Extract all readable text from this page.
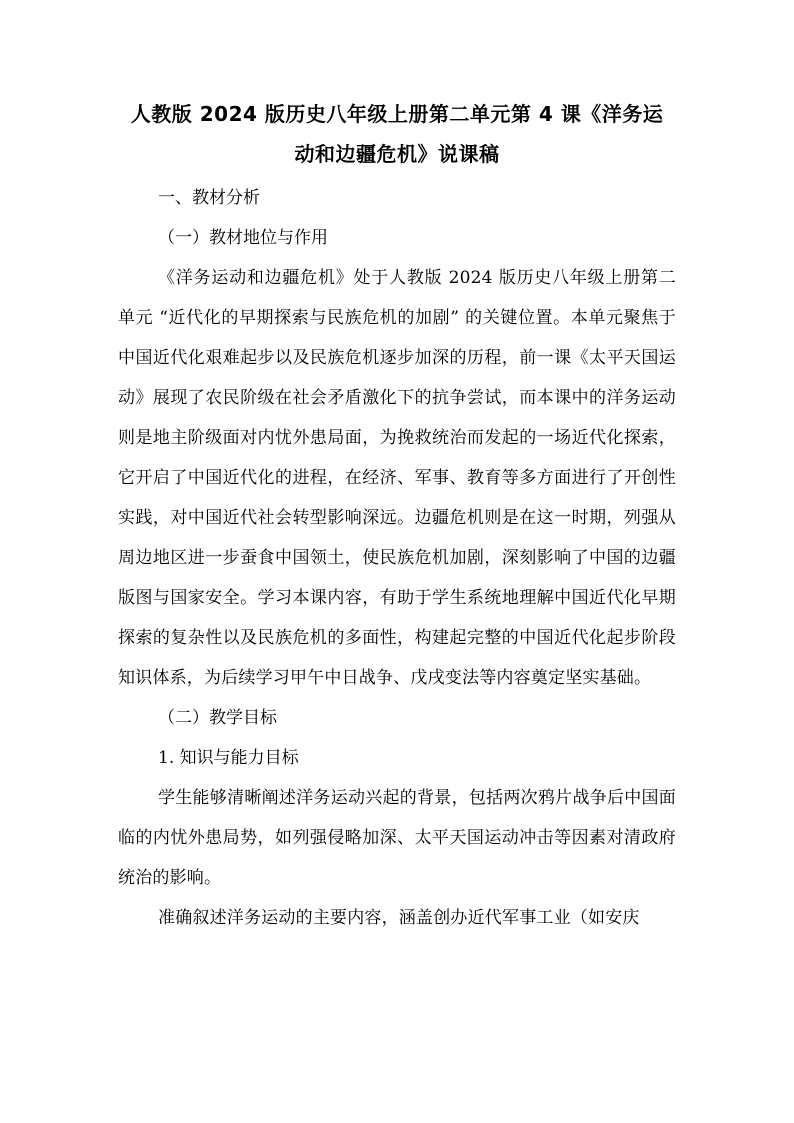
人教版 2024 版历史八年级上册第二单元第 4 课《洋务运
动和边疆危机》说课稿
一、教材分析
（一）教材地位与作用

《洋务运动和边疆危机》处于人教版 2024 版历史八年级上册第二单元 “近代化的早期探索与民族危机的加剧” 的关键位置。本单元聚焦于中国近代化艰难起步以及民族危机逐步加深的历程，前一课《太平天国运动》展现了农民阶级在社会矛盾激化下的抗争尝试，而本课中的洋务运动则是地主阶级面对内忧外患局面，为挽救统治而发起的一场近代化探索，它开启了中国近代化的进程，在经济、军事、教育等多方面进行了开创性实践，对中国近代社会转型影响深远。边疆危机则是在这一时期，列强从周边地区进一步蚕食中国领土，使民族危机加剧，深刻影响了中国的边疆版图与国家安全。学习本课内容，有助于学生系统地理解中国近代化早期探索的复杂性以及民族危机的多面性，构建起完整的中国近代化起步阶段知识体系，为后续学习甲午中日战争、戊戌变法等内容奠定坚实基础。

（二）教学目标
1. 知识与能力目标

学生能够清晰阐述洋务运动兴起的背景，包括两次鸦片战争后中国面临的内忧外患局势，如列强侵略加深、太平天国运动冲击等因素对清政府统治的影响。

准确叙述洋务运动的主要内容，涵盖创办近代军事工业（如安庆
